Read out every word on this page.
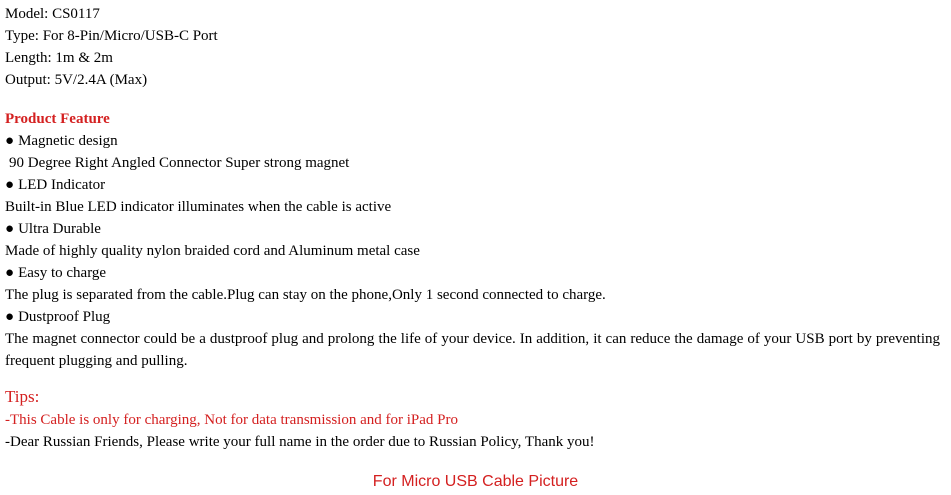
Model: CS0117
Type: For 8-Pin/Micro/USB-C Port
Length: 1m & 2m
Output: 5V/2.4A (Max)
Product Feature
● Magnetic design
90 Degree Right Angled Connector Super strong magnet
● LED Indicator
Built-in Blue LED indicator illuminates when the cable is active
● Ultra Durable
Made of highly quality nylon braided cord and Aluminum metal case
● Easy to charge
The plug is separated from the cable.Plug can stay on the phone,Only 1 second connected to charge.
● Dustproof Plug
The magnet connector could be a dustproof plug and prolong the life of your device. In addition, it can reduce the damage of your USB port by preventing frequent plugging and pulling.
Tips:
-This Cable is only for charging, Not for data transmission and for iPad Pro
-Dear Russian Friends, Please write your full name in the order due to Russian Policy, Thank you!
For Micro USB Cable Picture
